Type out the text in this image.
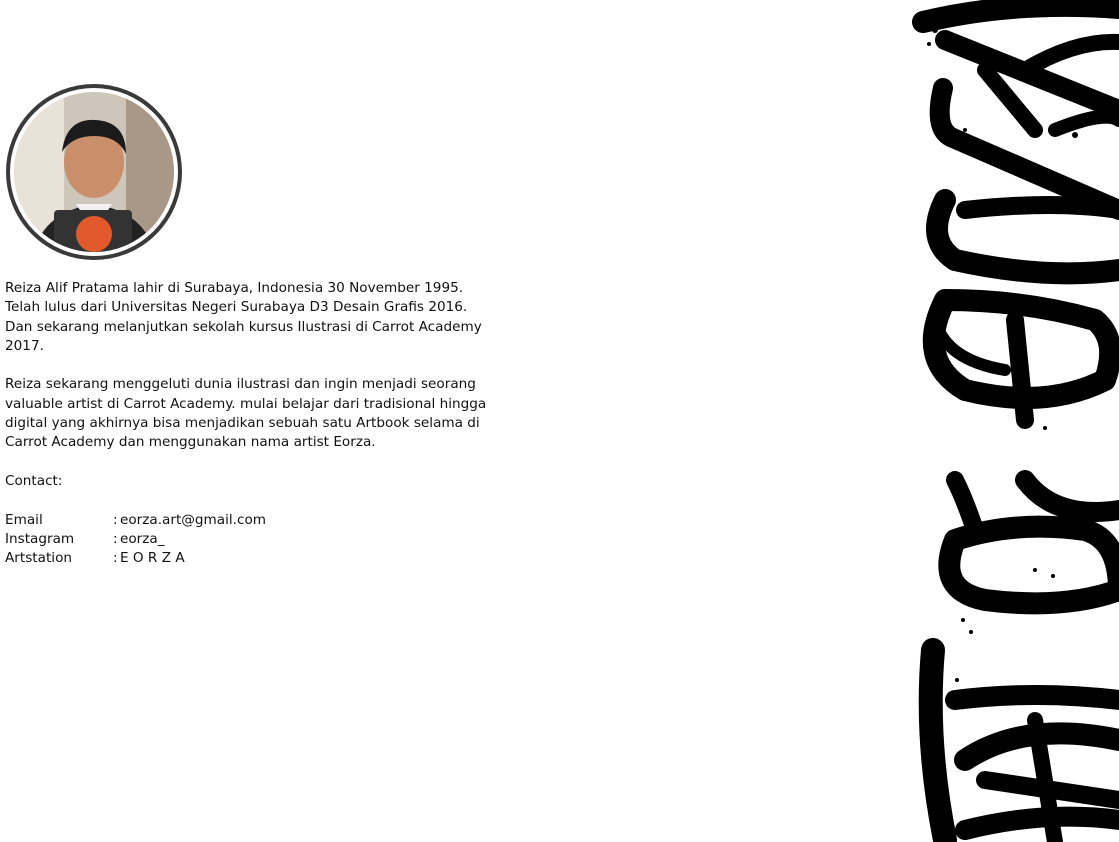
Reiza Alif Pratama lahir di Surabaya, Indonesia 30 November 1995. Telah lulus dari Universitas Negeri Surabaya D3 Desain Grafis 2016. Dan sekarang melanjutkan sekolah kursus Ilustrasi di Carrot Academy 2017.

Reiza sekarang menggeluti dunia ilustrasi dan ingin menjadi seorang valuable artist di Carrot Academy. mulai belajar dari tradisional hingga digital yang akhirnya bisa menjadikan sebuah satu Artbook selama di Carrot Academy dan menggunakan nama artist Eorza.

Contact:
Email	: eorza.art@gmail.com
Instagram	: eorza_
Artstation	: E O R Z A
